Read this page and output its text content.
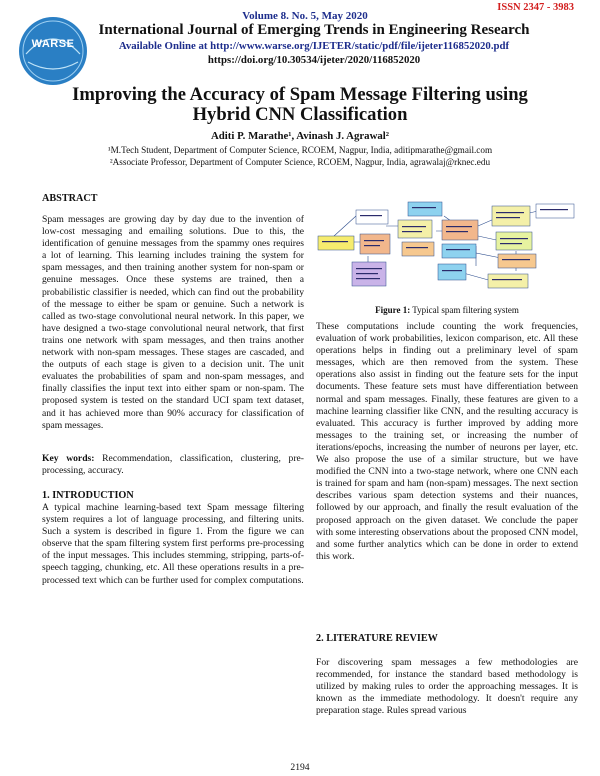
ISSN 2347 - 3983
WARSE
Volume 8. No. 5, May 2020
International Journal of Emerging Trends in Engineering Research
Available Online at http://www.warse.org/IJETER/static/pdf/file/ijeter116852020.pdf
https://doi.org/10.30534/ijeter/2020/116852020
Improving the Accuracy of Spam Message Filtering using
Hybrid CNN Classification
Aditi P. Marathe¹, Avinash J. Agrawal²
¹M.Tech Student, Department of Computer Science, RCOEM, Nagpur, India, aditipmarathe@gmail.com
²Associate Professor, Department of Computer Science, RCOEM, Nagpur, India, agrawalaj@rknec.edu
ABSTRACT

Spam messages are growing day by day due to the invention of low-cost messaging and emailing solutions. Due to this, the identification of genuine messages from the spammy ones requires a lot of learning. This learning includes training the system for spam messages, and then training another system for non-spam or genuine messages. Once these systems are trained, then a probabilistic classifier is needed, which can find out the probability of the message to either be spam or genuine. Such a network is called as two-stage convolutional neural network. In this paper, we have designed a two-stage convolutional neural network, that first trains one network with spam messages, and then trains another network with non-spam messages. These stages are cascaded, and the outputs of each stage is given to a decision unit. The unit evaluates the probabilities of spam and non-spam messages, and finally classifies the input text into either spam or non-spam. The proposed system is tested on the standard UCI spam text dataset, and it has achieved more than 90% accuracy for classification of spam messages.

Key words: Recommendation, classification, clustering, pre-processing, accuracy.

1. INTRODUCTION

A typical machine learning-based text Spam message filtering system requires a lot of language processing, and filtering units. Such a system is described in figure 1. From the figure we can observe that the spam filtering system first performs pre-processing of the input messages. This includes stemming, stripping, parts-of-speech tagging, chunking, etc. All these operations results in a pre-processed text which can be further used for complex computations.

Figure 1: Typical spam filtering system

These computations include counting the work frequencies, evaluation of work probabilities, lexicon comparison, etc. All these operations helps in finding out a preliminary level of spam messages, which are then removed from the system. These operations also assist in finding out the feature sets for the input documents. These feature sets must have differentiation between normal and spam messages. Finally, these features are given to a machine learning classifier like CNN, and the resulting accuracy is evaluated. This accuracy is further improved by adding more messages to the training set, or increasing the number of iterations/epochs, increasing the number of neurons per layer, etc. We also propose the use of a similar structure, but we have modified the CNN into a two-stage network, where one CNN each is trained for spam and ham (non-spam) messages. The next section describes various spam detection systems and their nuances, followed by our approach, and finally the result evaluation of the proposed approach on the given dataset. We conclude the paper with some interesting observations about the proposed CNN model, and some further analytics which can be done in order to extend this work.

2. LITERATURE REVIEW

For discovering spam messages a few methodologies are recommended, for instance the standard based methodology is utilized by making rules to order the approaching messages. It is known as the immediate methodology. It doesn't require any preparation stage. Rules spread various

2194
